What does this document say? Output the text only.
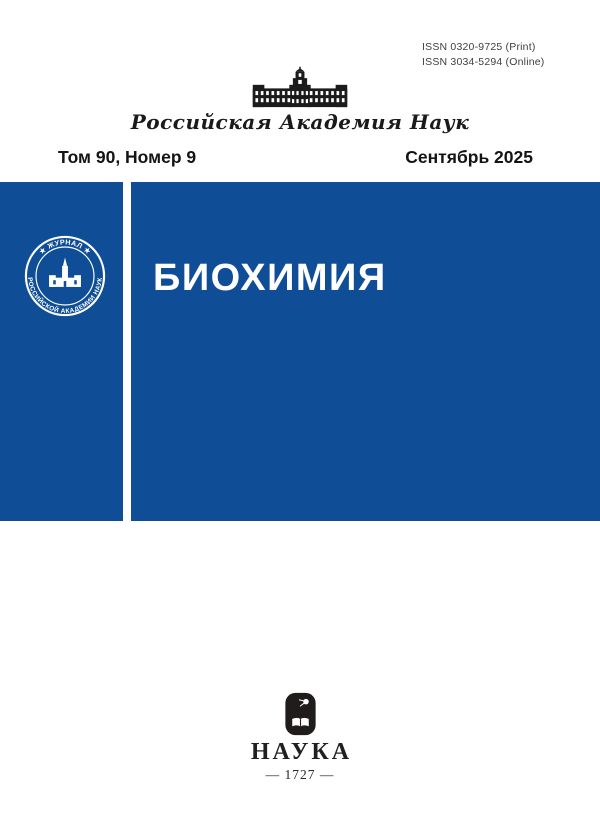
ISSN 0320-9725 (Print)
ISSN 3034-5294 (Online)
Российская Академия Наук
Том 90, Номер 9	Сентябрь 2025
★ ЖУРНАЛ ★
РОССИЙСКОЙ АКАДЕМИИ НАУК БИОХИМИЯ
НАУКА
— 1727 —
